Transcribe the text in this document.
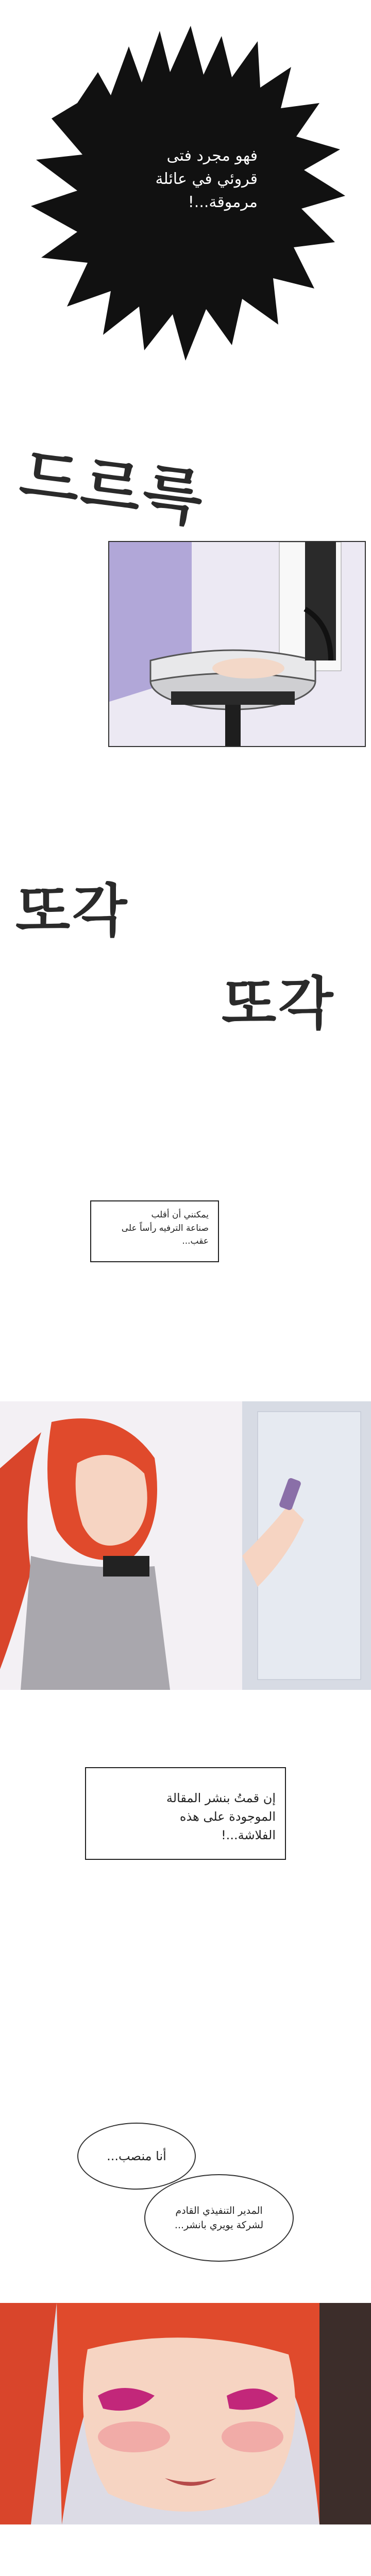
فهو مجرد فتى
قروئي في عائلة
مرموقة...!
드르륵
또각
또각
يمكنني أن أقلب
صناعة الترفيه رأساً على
عقب...
إن قمتُ بنشر المقالة
الموجودة على هذه
الفلاشة...!
أنا منصب...
المدير التنفيذي القادم
لشركة يويري بانشر...
